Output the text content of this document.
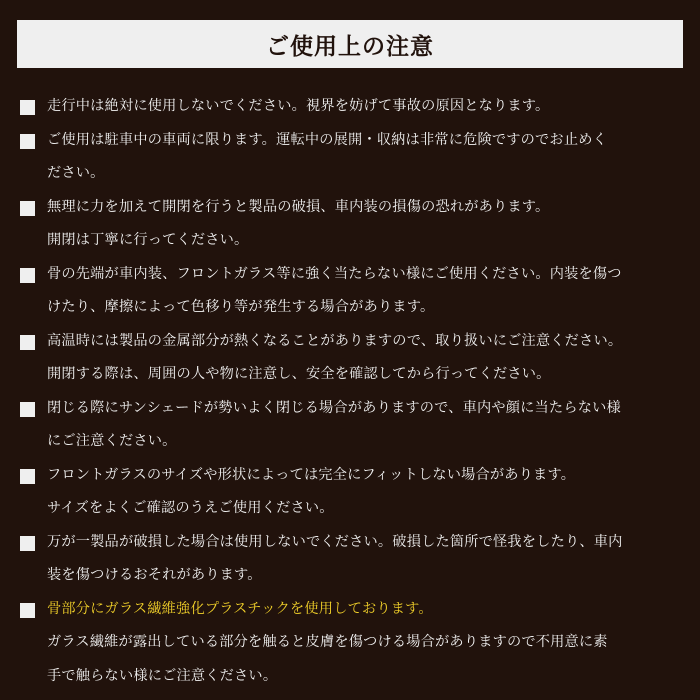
ご使用上の注意
走行中は絶対に使用しないでください。視界を妨げて事故の原因となります。
ご使用は駐車中の車両に限ります。運転中の展開・収納は非常に危険ですのでお止めく
ださい。
無理に力を加えて開閉を行うと製品の破損、車内装の損傷の恐れがあります。
開閉は丁寧に行ってください。
骨の先端が車内装、フロントガラス等に強く当たらない様にご使用ください。内装を傷つ
けたり、摩擦によって色移り等が発生する場合があります。
高温時には製品の金属部分が熱くなることがありますので、取り扱いにご注意ください。
開閉する際は、周囲の人や物に注意し、安全を確認してから行ってください。
閉じる際にサンシェードが勢いよく閉じる場合がありますので、車内や顔に当たらない様
にご注意ください。
フロントガラスのサイズや形状によっては完全にフィットしない場合があります。
サイズをよくご確認のうえご使用ください。
万が一製品が破損した場合は使用しないでください。破損した箇所で怪我をしたり、車内
装を傷つけるおそれがあります。
骨部分にガラス繊維強化プラスチックを使用しております。
ガラス繊維が露出している部分を触ると皮膚を傷つける場合がありますので不用意に素
手で触らない様にご注意ください。
